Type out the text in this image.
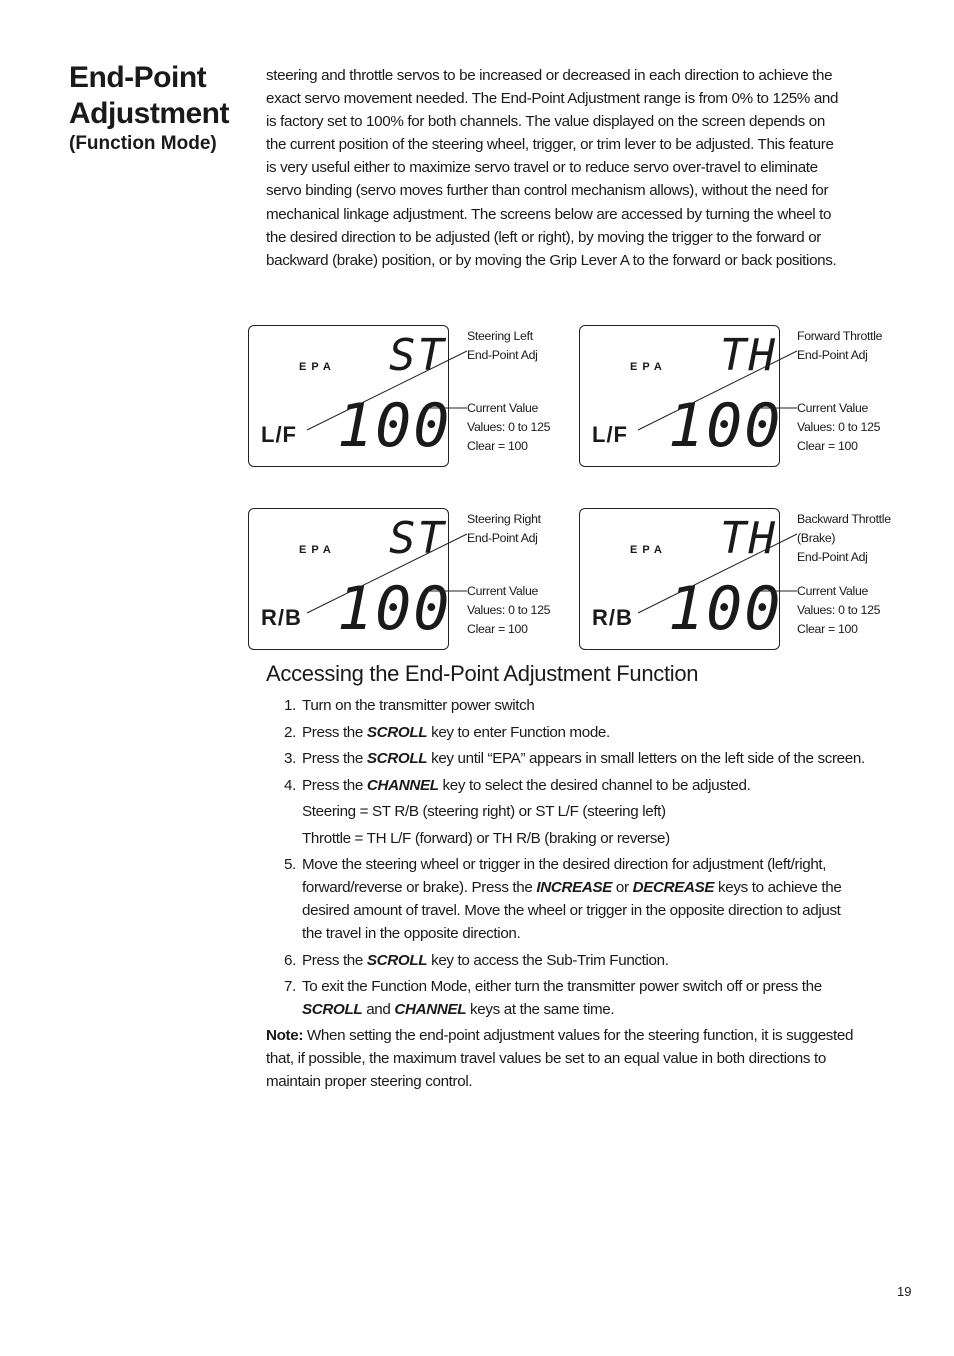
End-Point
Adjustment
(Function Mode)

steering and throttle servos to be increased or decreased in each direction to achieve the
exact servo movement needed. The End-Point Adjustment range is from 0% to 125% and
is factory set to 100% for both channels. The value displayed on the screen depends on
the current position of the steering wheel, trigger, or trim lever to be adjusted. This feature
is very useful either to maximize servo travel or to reduce servo over-travel to eliminate
servo binding (servo moves further than control mechanism allows), without the need for
mechanical linkage adjustment. The screens below are accessed by turning the wheel to
the desired direction to be adjusted (left or right), by moving the trigger to the forward or
backward (brake) position, or by moving the Grip Lever A to the forward or back positions.

EPA ST
L/F 100
Steering Left
End-Point Adj
Current Value
Values: 0 to 125
Clear = 100
EPA TH
L/F 100
Forward Throttle
End-Point Adj
Current Value
Values: 0 to 125
Clear = 100
EPA ST
R/B 100
Steering Right
End-Point Adj
Current Value
Values: 0 to 125
Clear = 100
EPA TH
R/B 100
Backward Throttle
(Brake)
End-Point Adj
Current Value
Values: 0 to 125
Clear = 100
Accessing the End-Point Adjustment Function
1. Turn on the transmitter power switch
2. Press the SCROLL key to enter Function mode.
3. Press the SCROLL key until “EPA” appears in small letters on the left side of the screen.
4. Press the CHANNEL key to select the desired channel to be adjusted.
Steering = ST R/B (steering right) or ST L/F (steering left)
Throttle = TH L/F (forward) or TH R/B (braking or reverse)
5. Move the steering wheel or trigger in the desired direction for adjustment (left/right,
forward/reverse or brake). Press the INCREASE or DECREASE keys to achieve the
desired amount of travel. Move the wheel or trigger in the opposite direction to adjust
the travel in the opposite direction.
6. Press the SCROLL key to access the Sub-Trim Function.
7. To exit the Function Mode, either turn the transmitter power switch off or press the
SCROLL and CHANNEL keys at the same time.
Note: When setting the end-point adjustment values for the steering function, it is suggested
that, if possible, the maximum travel values be set to an equal value in both directions to
maintain proper steering control.
19
